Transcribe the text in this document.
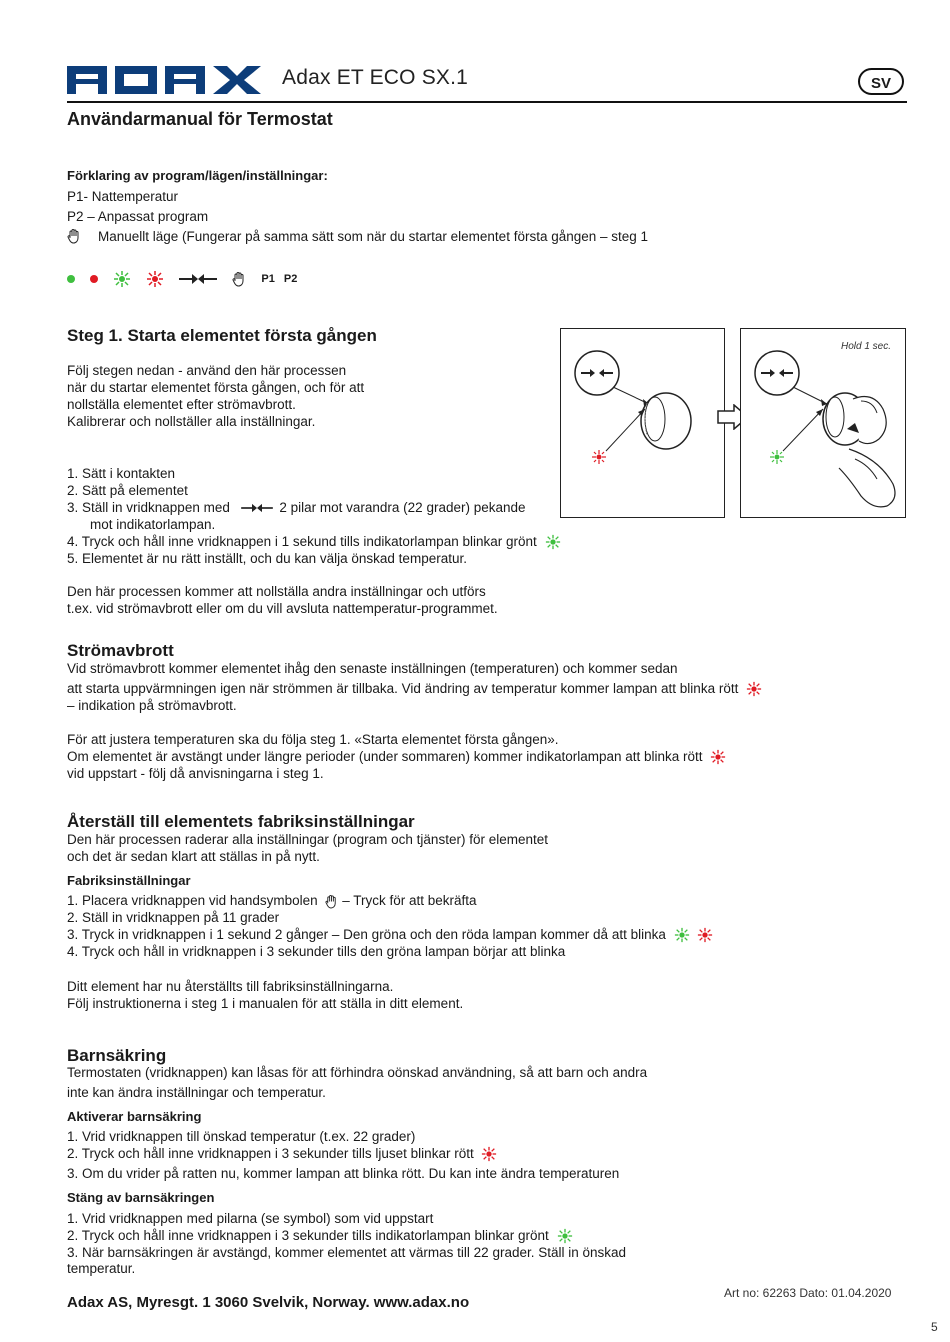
Adax ET ECO SX.1	SV
Användarmanual för Termostat
Förklaring av program/lägen/inställningar:
P1- Nattemperatur
P2 – Anpassat program
Manuellt läge (Fungerar på samma sätt som när du startar elementet första gången – steg 1
P1 P2
Steg 1. Starta elementet första gången
Följ stegen nedan - använd den här processen
när du startar elementet första gången, och för att
nollställa elementet efter strömavbrott.
Kalibrerar och nollställer alla inställningar.
1. Sätt i kontakten
2. Sätt på elementet
3. Ställ in vridknappen med	2 pilar mot varandra (22 grader) pekande
mot indikatorlampan.
4. Tryck och håll inne vridknappen i 1 sekund tills indikatorlampan blinkar grönt
5. Elementet är nu rätt inställt, och du kan välja önskad temperatur.
Den här processen kommer att nollställa andra inställningar och utförs
t.ex. vid strömavbrott eller om du vill avsluta nattemperatur-programmet.
Hold 1 sec.
Strömavbrott
Vid strömavbrott kommer elementet ihåg den senaste inställningen (temperaturen) och kommer sedan
att starta uppvärmningen igen när strömmen är tillbaka. Vid ändring av temperatur kommer lampan att blinka rött
– indikation på strömavbrott.
För att justera temperaturen ska du följa steg 1. «Starta elementet första gången».
Om elementet är avstängt under längre perioder (under sommaren) kommer indikatorlampan att blinka rött
vid uppstart - följ då anvisningarna i steg 1.
Återställ till elementets fabriksinställningar
Den här processen raderar alla inställningar (program och tjänster) för elementet
och det är sedan klart att ställas in på nytt.
Fabriksinställningar
1. Placera vridknappen vid handsymbolen – Tryck för att bekräfta
2. Ställ in vridknappen på 11 grader
3. Tryck in vridknappen i 1 sekund 2 gånger – Den gröna och den röda lampan kommer då att blinka
4. Tryck och håll in vridknappen i 3 sekunder tills den gröna lampan börjar att blinka
Ditt element har nu återställts till fabriksinställningarna.
Följ instruktionerna i steg 1 i manualen för att ställa in ditt element.
Barnsäkring
Termostaten (vridknappen) kan låsas för att förhindra oönskad användning, så att barn och andra
inte kan ändra inställningar och temperatur.
Aktiverar barnsäkring
1. Vrid vridknappen till önskad temperatur (t.ex. 22 grader)
2. Tryck och håll inne vridknappen i 3 sekunder tills ljuset blinkar rött
3. Om du vrider på ratten nu, kommer lampan att blinka rött. Du kan inte ändra temperaturen
Stäng av barnsäkringen
1. Vrid vridknappen med pilarna (se symbol) som vid uppstart
2. Tryck och håll inne vridknappen i 3 sekunder tills indikatorlampan blinkar grönt
3. När barnsäkringen är avstängd, kommer elementet att värmas till 22 grader. Ställ in önskad
temperatur.
Art no: 62263 Dato: 01.04.2020
Adax AS, Myresgt. 1 3060 Svelvik, Norway. www.adax.no
5
